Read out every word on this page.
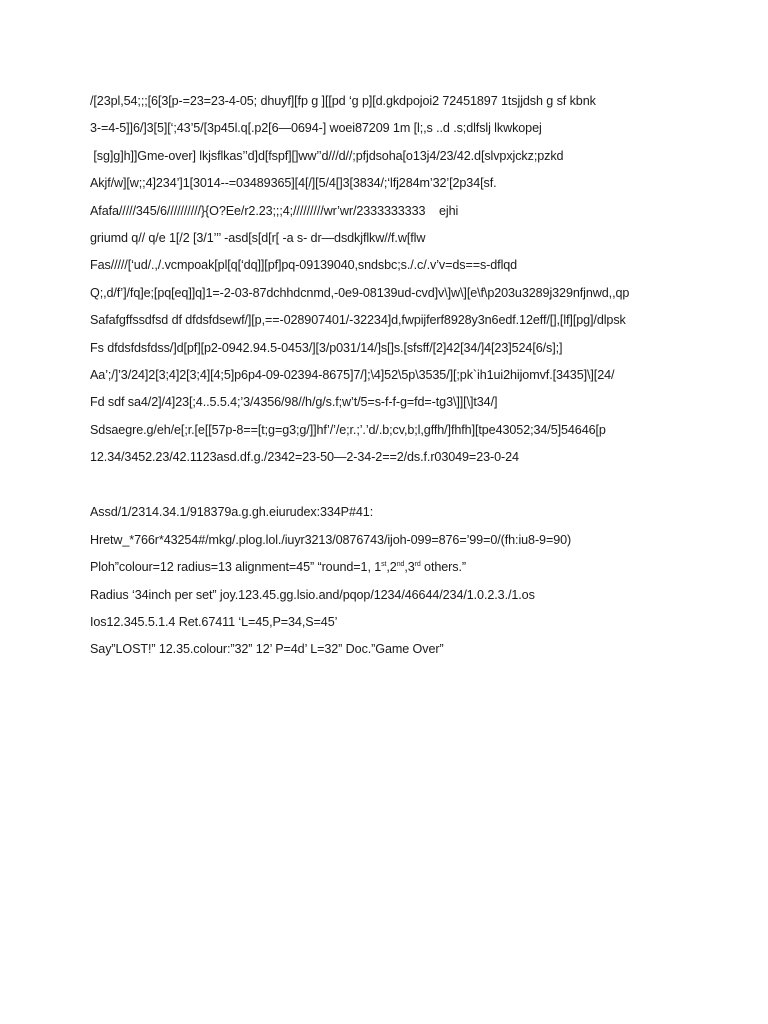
/[23pl,54;;;[6[3[p-=23=23-4-05; dhuyf][fp g ][[pd ‘g p][d.gkdpojoi2 72451897 1tsjjdsh g sf kbnk
3-=4-5]]6/]3[5][‘;43’5/[3p45l.q[.p2[6—0694-] woei87209 1m [l;,s ..d .s;dlfslj lkwkopej
[sg]g]h]]Gme-over] lkjsflkas’’d]d[fspf][]ww’’d///d//;pfjdsoha[o13j4/23/42.d[slvpxjckz;pzkd
Akjf/w][w;;4]234’]1[3014--=03489365][4[/][5/4[]3[3834/;‘lfj284m’32’[2p34[sf.
Afafa/////345/6//////////}{O?Ee/r2.23;;;4;/////////wr’wr/2333333333    ejhi
griumd q// q/e 1[/2 [3/1’’’ -asd[s[d[r[ -a s- dr—dsdkjflkw//f.w[flw
Fas/////[‘ud/.,/.vcmpoak[pl[q[‘dq]][pf]pq-09139040,sndsbc;s./.c/.v’v=ds==s-dflqd
Q;,d/f’]/fq]e;[pq[eq]]q]1=-2-03-87dchhdcnmd,-0e9-08139ud-cvd]v\]w\][e\f\p203u3289j329nfjnwd,,qp
Safafgffssdfsd df dfdsfdsewf/][p,==-028907401/-32234]d,fwpijferf8928y3n6edf.12eff/[],[lf][pg]/dlpsk
Fs dfdsfdsfdss/]d[pf][p2-0942.94.5-0453/][3/p031/14/]s[]s.[sfsff/[2]42[34/]4[23]524[6/s];]
Aa’;/]’3/24]2[3;4]2[3;4][4;5]p6p4-09-02394-8675]7/];\4]52\5p\3535/][;pk`ih1ui2hijomvf.[3435]\][24/
Fd sdf sa4/2]/4]23[;4..5.5.4;’3/4356/98//h/g/s.f;w’t/5=s-f-f-g=fd=-tg3\]][\]t34/]
Sdsaegre.g/eh/e[;r.[e[[57p-8==[t;g=g3;g/]]hf’/’/e;r.;’.’d/.b;cv,b;l,gffh/]fhfh][tpe43052;34/5]54646[p
12.34/3452.23/42.1123asd.df.g./2342=23-50—2-34-2==2/ds.f.r03049=23-0-24
Assd/1/2314.34.1/918379a.g.gh.eiurudex:334P#41:
Hretw_*766r*43254#/mkg/.plog.lol./iuyr3213/0876743/ijoh-099=876=’99=0/(fh:iu8-9=90)
Ploh”colour=12 radius=13 alignment=45” “round=1, 1st,2nd,3rd others.”
Radius ‘34inch per set” joy.123.45.gg.lsio.and/pqop/1234/46644/234/1.0.2.3./1.os
Ios12.345.5.1.4 Ret.67411 ‘L=45,P=34,S=45’
Say”LOST!” 12.35.colour:”32” 12’ P=4d’ L=32” Doc.”Game Over”
